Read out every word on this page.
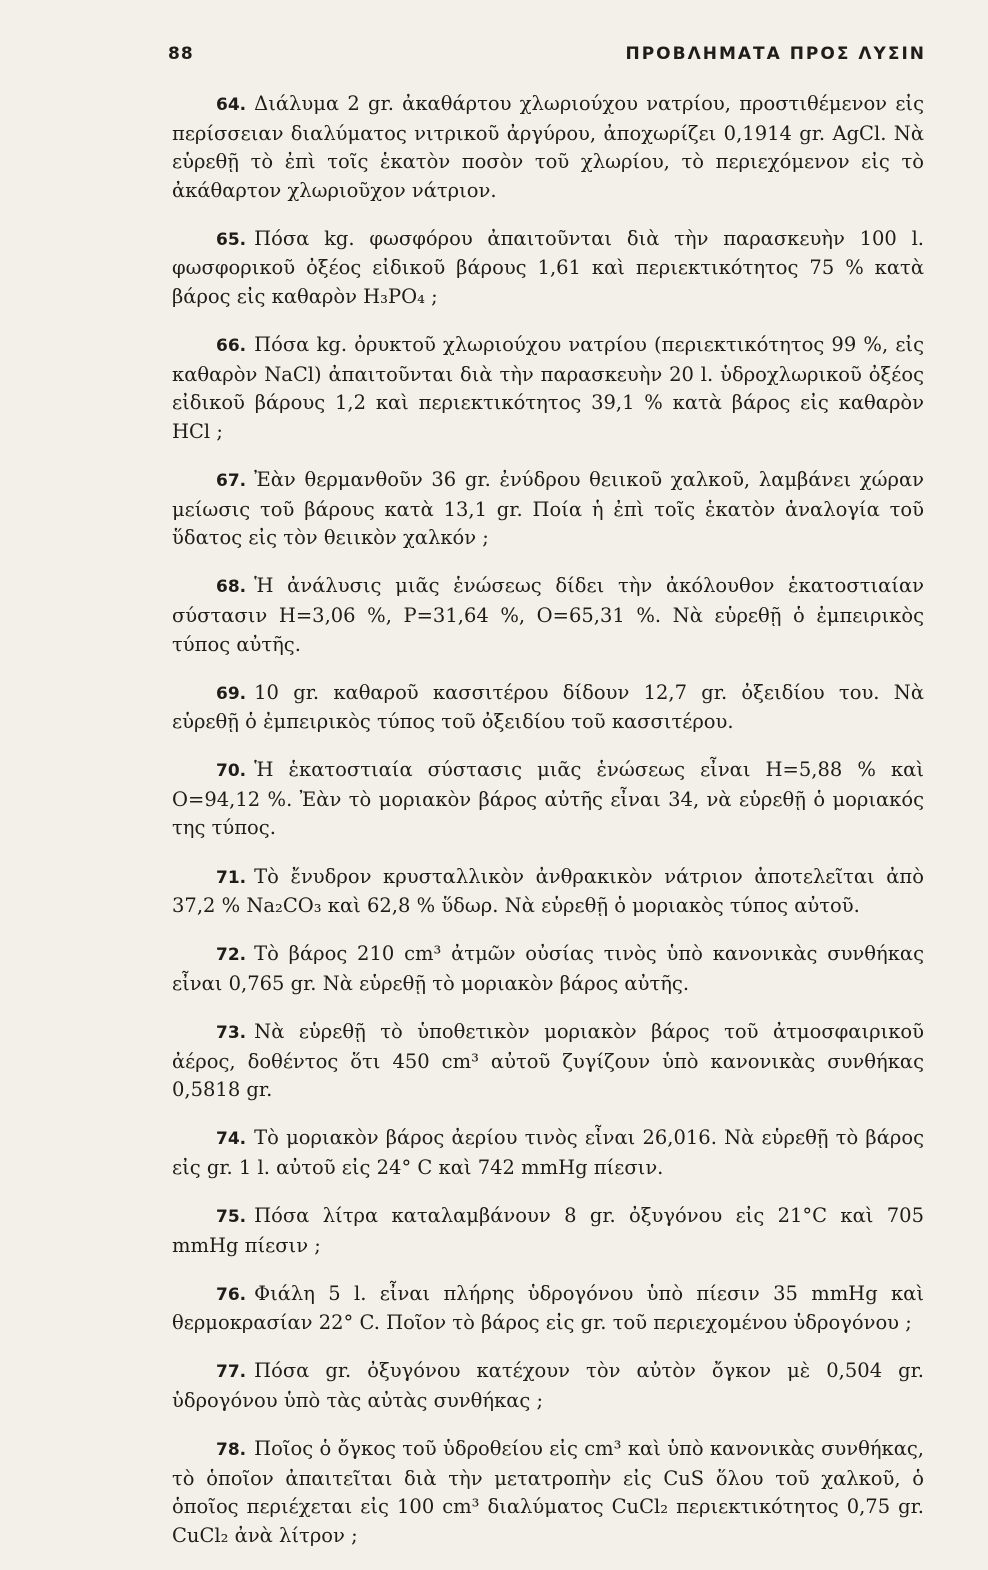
88	ΠΡΟΒΛΗΜΑΤΑ ΠΡΟΣ ΛΥΣΙΝ

64. Διάλυμα 2 gr. ἀκαθάρτου χλωριούχου νατρίου, προστιθέμενον εἰς περίσσειαν διαλύματος νιτρικοῦ ἀργύρου, ἀποχωρίζει 0,1914 gr. AgCl. Νὰ εὑρεθῇ τὸ ἐπὶ τοῖς ἑκατὸν ποσὸν τοῦ χλωρίου, τὸ περιεχόμενον εἰς τὸ ἀκάθαρτον χλωριοῦχον νάτριον.

65. Πόσα kg. φωσφόρου ἀπαιτοῦνται διὰ τὴν παρασκευὴν 100 l. φωσφορικοῦ ὀξέος εἰδικοῦ βάρους 1,61 καὶ περιεκτικότητος 75 % κατὰ βάρος εἰς καθαρὸν H₃PO₄ ;

66. Πόσα kg. ὀρυκτοῦ χλωριούχου νατρίου (περιεκτικότητος 99 %, εἰς καθαρὸν NaCl) ἀπαιτοῦνται διὰ τὴν παρασκευὴν 20 l. ὑδροχλωρικοῦ ὀξέος εἰδικοῦ βάρους 1,2 καὶ περιεκτικότητος 39,1 % κατὰ βάρος εἰς καθαρὸν HCl ;

67. Ἐὰν θερμανθοῦν 36 gr. ἐνύδρου θειικοῦ χαλκοῦ, λαμβάνει χώραν μείωσις τοῦ βάρους κατὰ 13,1 gr. Ποία ἡ ἐπὶ τοῖς ἑκατὸν ἀναλογία τοῦ ὕδατος εἰς τὸν θειικὸν χαλκόν ;

68. Ἡ ἀνάλυσις μιᾶς ἑνώσεως δίδει τὴν ἀκόλουθον ἑκατοστιαίαν σύστασιν H=3,06 %, P=31,64 %, O=65,31 %. Νὰ εὑρεθῇ ὁ ἐμπειρικὸς τύπος αὐτῆς.

69. 10 gr. καθαροῦ κασσιτέρου δίδουν 12,7 gr. ὀξειδίου του. Νὰ εὑρεθῇ ὁ ἐμπειρικὸς τύπος τοῦ ὀξειδίου τοῦ κασσιτέρου.

70. Ἡ ἑκατοστιαία σύστασις μιᾶς ἑνώσεως εἶναι H=5,88 % καὶ O=94,12 %. Ἐὰν τὸ μοριακὸν βάρος αὐτῆς εἶναι 34, νὰ εὑρεθῇ ὁ μοριακός της τύπος.

71. Τὸ ἔνυδρον κρυσταλλικὸν ἀνθρακικὸν νάτριον ἀποτελεῖται ἀπὸ 37,2 % Na₂CO₃ καὶ 62,8 % ὕδωρ. Νὰ εὑρεθῇ ὁ μοριακὸς τύπος αὐτοῦ.

72. Τὸ βάρος 210 cm³ ἀτμῶν οὐσίας τινὸς ὑπὸ κανονικὰς συνθήκας εἶναι 0,765 gr. Νὰ εὑρεθῇ τὸ μοριακὸν βάρος αὐτῆς.

73. Νὰ εὑρεθῇ τὸ ὑποθετικὸν μοριακὸν βάρος τοῦ ἀτμοσφαιρικοῦ ἀέρος, δοθέντος ὅτι 450 cm³ αὐτοῦ ζυγίζουν ὑπὸ κανονικὰς συνθήκας 0,5818 gr.

74. Τὸ μοριακὸν βάρος ἀερίου τινὸς εἶναι 26,016. Νὰ εὑρεθῇ τὸ βάρος εἰς gr. 1 l. αὐτοῦ εἰς 24° C καὶ 742 mmHg πίεσιν.

75. Πόσα λίτρα καταλαμβάνουν 8 gr. ὀξυγόνου εἰς 21°C καὶ 705 mmHg πίεσιν ;

76. Φιάλη 5 l. εἶναι πλήρης ὑδρογόνου ὑπὸ πίεσιν 35 mmHg καὶ θερμοκρασίαν 22° C. Ποῖον τὸ βάρος εἰς gr. τοῦ περιεχομένου ὑδρογόνου ;

77. Πόσα gr. ὀξυγόνου κατέχουν τὸν αὐτὸν ὄγκον μὲ 0,504 gr. ὑδρογόνου ὑπὸ τὰς αὐτὰς συνθήκας ;

78. Ποῖος ὁ ὄγκος τοῦ ὑδροθείου εἰς cm³ καὶ ὑπὸ κανονικὰς συνθήκας, τὸ ὁποῖον ἀπαιτεῖται διὰ τὴν μετατροπὴν εἰς CuS ὅλου τοῦ χαλκοῦ, ὁ ὁποῖος περιέχεται εἰς 100 cm³ διαλύματος CuCl₂ περιεκτικότητος 0,75 gr. CuCl₂ ἀνὰ λίτρον ;
